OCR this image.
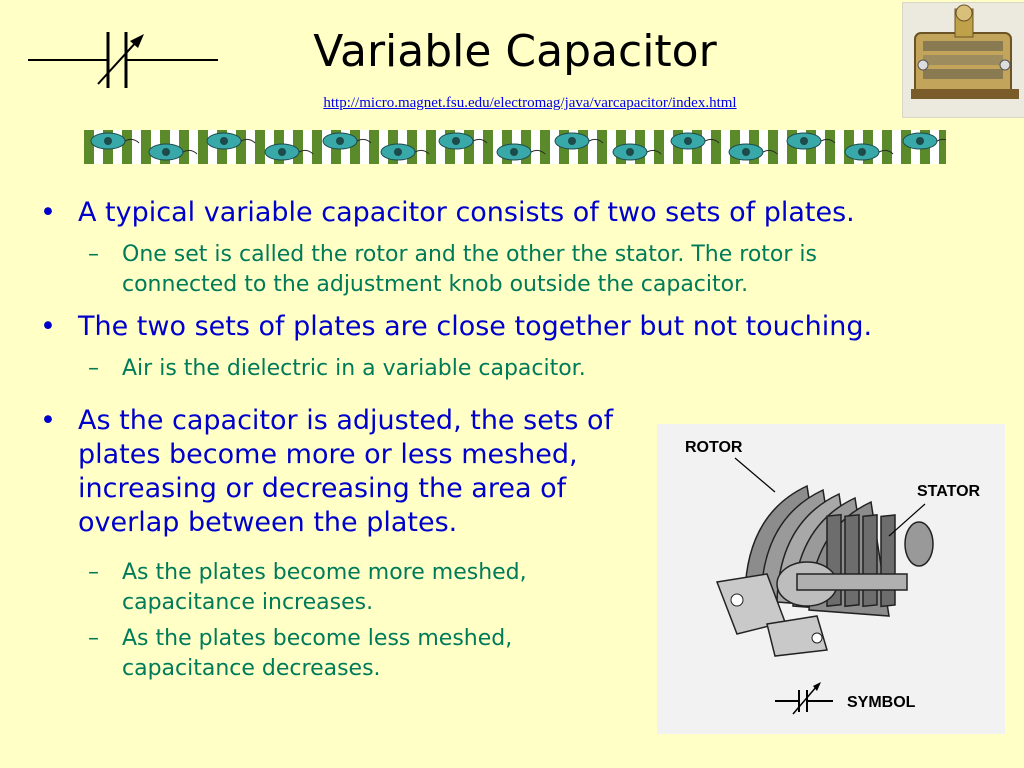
Variable Capacitor
http://micro.magnet.fsu.edu/electromag/java/varcapacitor/index.html
• A typical variable capacitor consists of two sets of plates.
–	One set is called the rotor and the other the stator. The rotor is connected to the adjustment knob outside the capacitor.
• The two sets of plates are close together but not touching.
–	Air is the dielectric in a variable capacitor.
• As the capacitor is adjusted, the sets of plates become more or less meshed, increasing or decreasing the area of overlap between the plates.
–	As the plates become more meshed, capacitance increases.
–	As the plates become less meshed, capacitance decreases.
ROTOR
STATOR
SYMBOL
